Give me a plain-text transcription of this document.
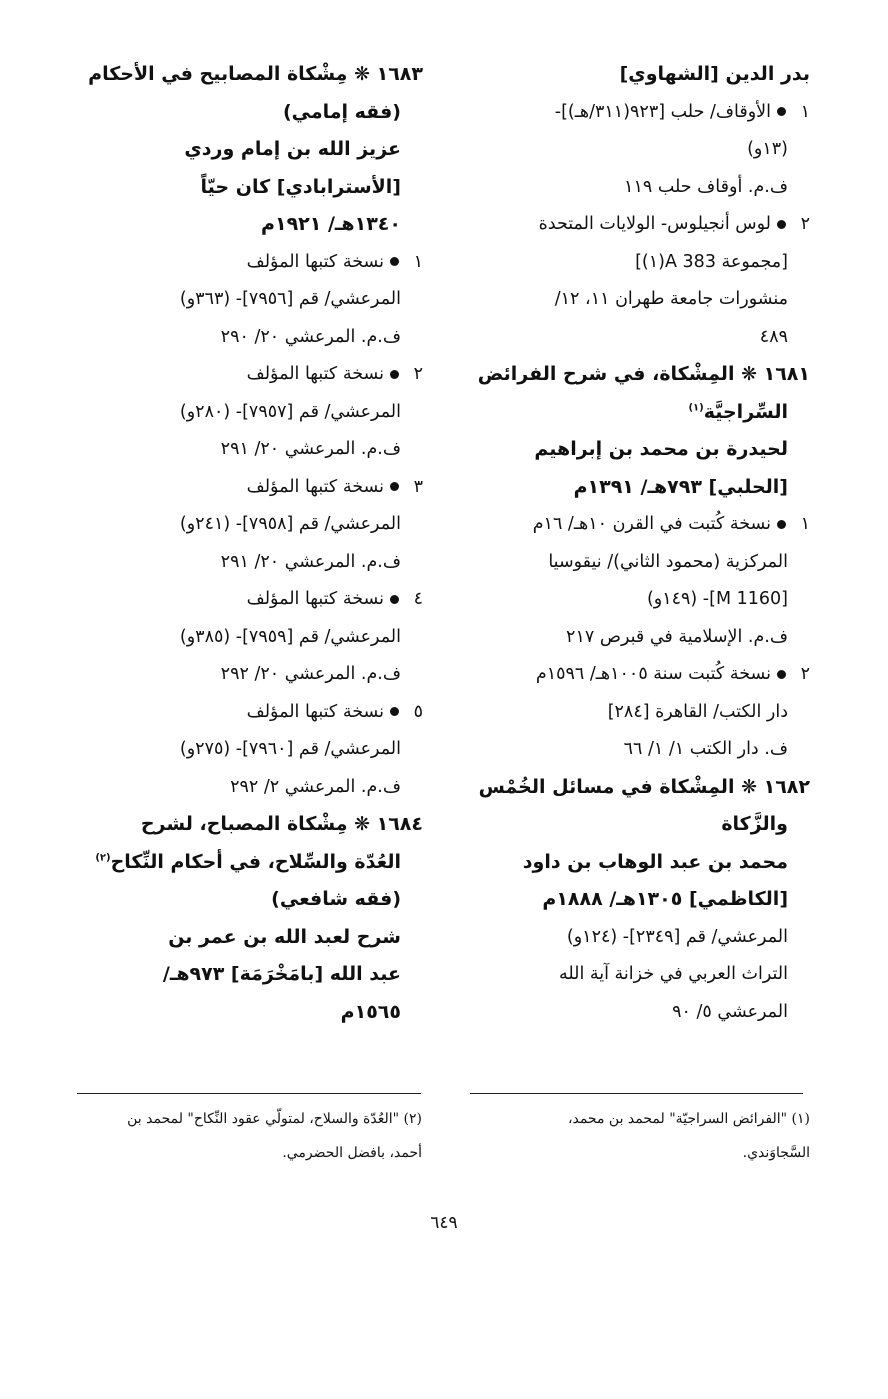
بدر الدين [الشهاوي]
١الأوقاف/ حلب [٩٢٣(٣١١/هـ)]-
(١٣و)
ف.م. أوقاف حلب ١١٩
٢لوس أنجيلوس- الولايات المتحدة
[مجموعة 383 A(١)]
منشورات جامعة طهران ١١، ١٢/
٤٨٩
١٦٨١ ❋ المِشْكاة، في شرح الفرائض
السِّراجيَّة$^{(١)}$
لحيدرة بن محمد بن إبراهيم
[الحلبي] ٧٩٣هـ/ ١٣٩١م
١نسخة كُتبت في القرن ١٠هـ/ ١٦م
المركزية (محمود الثاني)/ نيقوسيا
[M 1160]- (١٤٩و)
ف.م. الإسلامية في قبرص ٢١٧
٢نسخة كُتبت سنة ١٠٠٥هـ/ ١٥٩٦م
دار الكتب/ القاهرة [٢٨٤]
ف. دار الكتب ١/ ١/ ٦٦
١٦٨٢ ❋ المِشْكاة في مسائل الخُمْس
والزَّكاة
محمد بن عبد الوهاب بن داود
[الكاظمي] ١٣٠٥هـ/ ١٨٨٨م
المرعشي/ قم [٢٣٤٩]- (١٢٤و)
التراث العربي في خزانة آية الله
المرعشي ٥/ ٩٠
١٦٨٣ ❋ مِشْكاة المصابيح في الأحكام
(فقه إمامي)
عزيز الله بن إمام وردي
[الأسترابادي] كان حيّاً
١٣٤٠هـ/ ١٩٢١م
١نسخة كتبها المؤلف
المرعشي/ قم [٧٩٥٦]- (٣٦٣و)
ف.م. المرعشي ٢٠/ ٢٩٠
٢نسخة كتبها المؤلف
المرعشي/ قم [٧٩٥٧]- (٢٨٠و)
ف.م. المرعشي ٢٠/ ٢٩١
٣نسخة كتبها المؤلف
المرعشي/ قم [٧٩٥٨]- (٢٤١و)
ف.م. المرعشي ٢٠/ ٢٩١
٤نسخة كتبها المؤلف
المرعشي/ قم [٧٩٥٩]- (٣٨٥و)
ف.م. المرعشي ٢٠/ ٢٩٢
٥نسخة كتبها المؤلف
المرعشي/ قم [٧٩٦٠]- (٢٧٥و)
ف.م. المرعشي ٢/ ٢٩٢
١٦٨٤ ❋ مِشْكاة المصباح، لشرح
العُدّة والسِّلاح، في أحكام النِّكاح$^{(٢)}$
(فقه شافعي)
شرح لعبد الله بن عمر بن
عبد الله [بامَخْرَمَة] ٩٧٣هـ/
١٥٦٥م
(١) "الفرائض السراجيّة" لمحمد بن محمد،
السَّجاوَندي.
(٢) "العُدّة والسلاح، لمتولّي عقود النِّكاح" لمحمد بن
أحمد، بافضل الحضرمي.
٦٤٩
